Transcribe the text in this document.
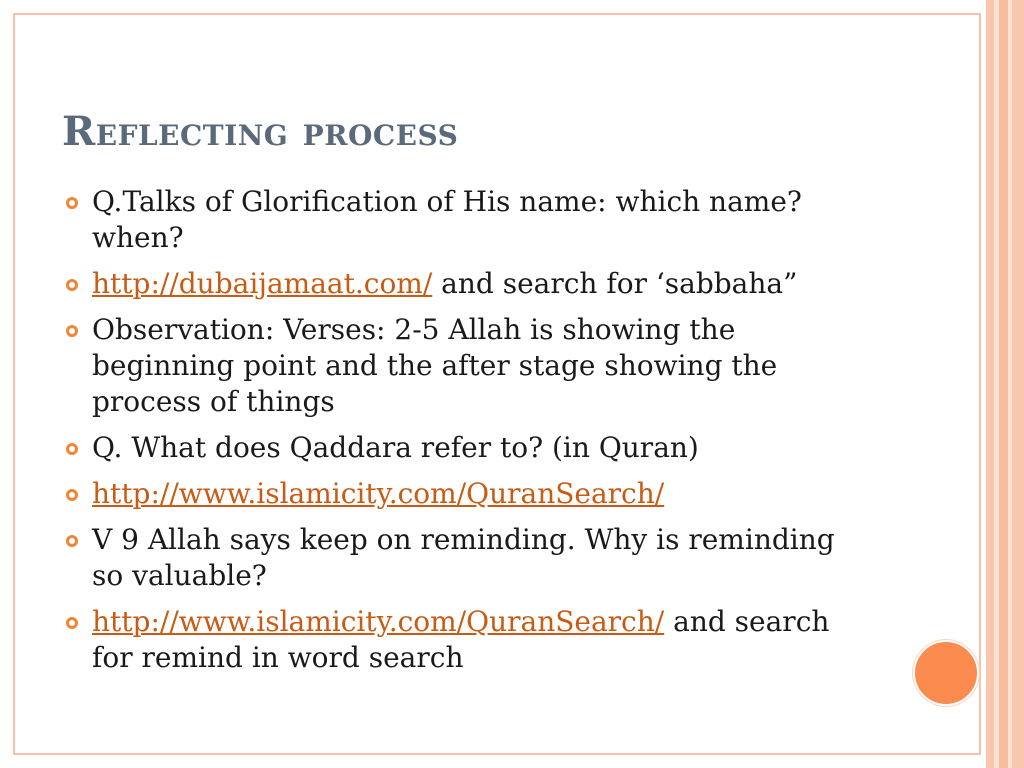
Reflecting process
Q.Talks of Glorification of His name: which name? when?
http://dubaijamaat.com/ and search for ‘sabbaha”
Observation: Verses: 2-5 Allah is showing the beginning point and the after stage showing the process of things
Q. What does Qaddara refer to? (in Quran)
http://www.islamicity.com/QuranSearch/
V 9 Allah says keep on reminding. Why is reminding so valuable?
http://www.islamicity.com/QuranSearch/ and search for remind in word search
